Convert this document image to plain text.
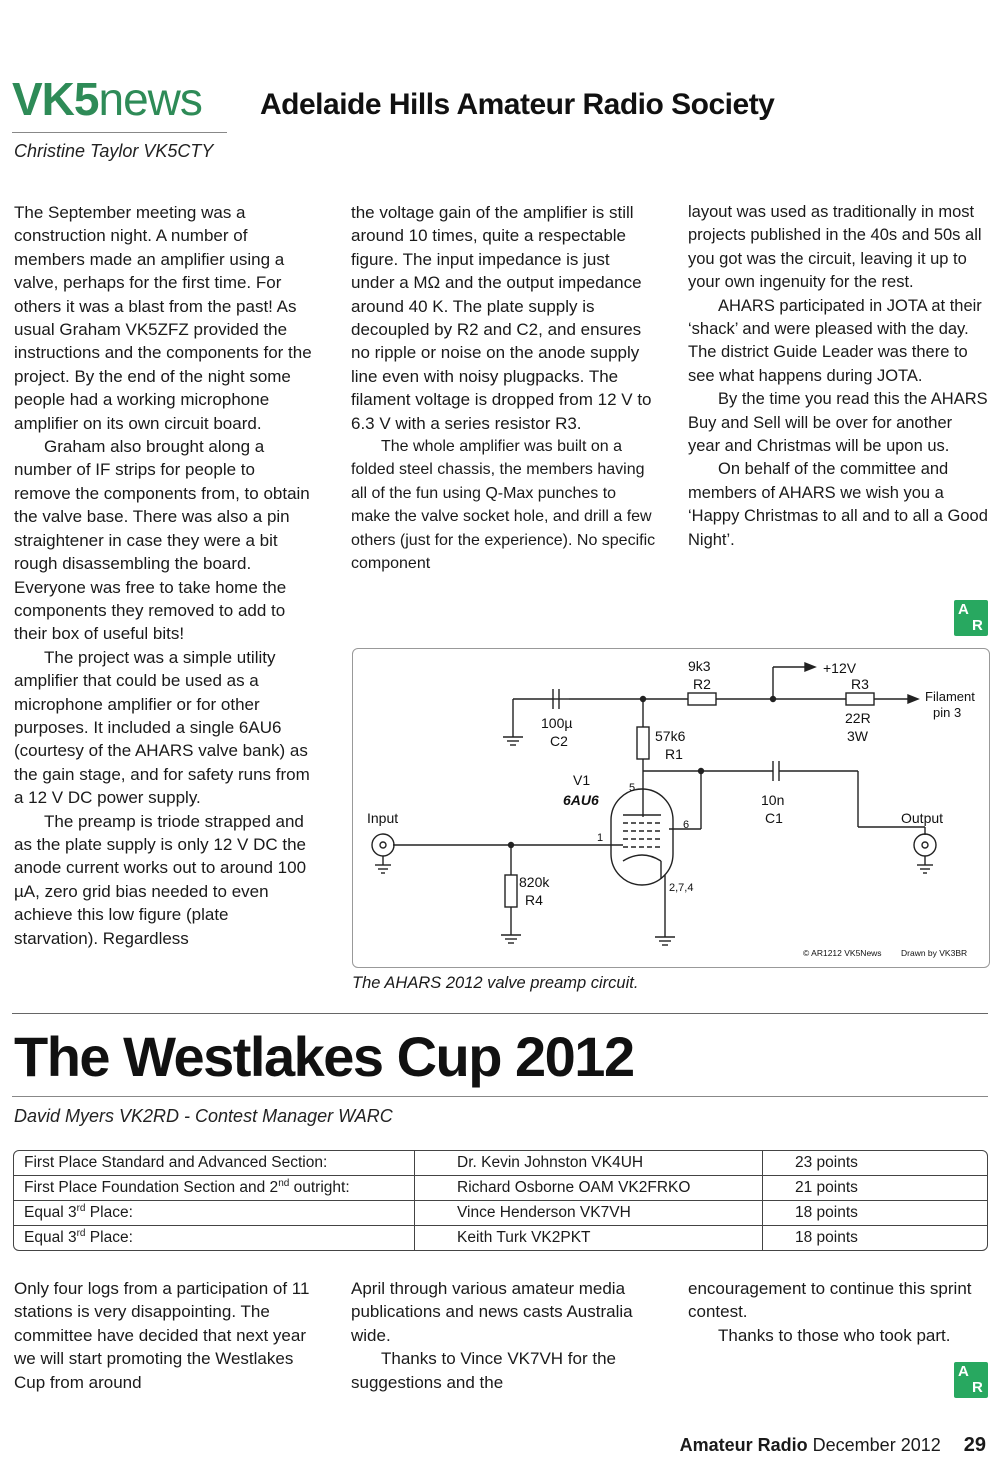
VK5news Adelaide Hills Amateur Radio Society
Christine Taylor VK5CTY

The September meeting was a construction night. A number of members made an amplifier using a valve, perhaps for the first time. For others it was a blast from the past! As usual Graham VK5ZFZ provided the instructions and the components for the project. By the end of the night some people had a working microphone amplifier on its own circuit board.

Graham also brought along a number of IF strips for people to remove the components from, to obtain the valve base. There was also a pin straightener in case they were a bit rough disassembling the board. Everyone was free to take home the components they removed to add to their box of useful bits!

The project was a simple utility amplifier that could be used as a microphone amplifier or for other purposes. It included a single 6AU6 (courtesy of the AHARS valve bank) as the gain stage, and for safety runs from a 12 V DC power supply.

The preamp is triode strapped and as the plate supply is only 12 V DC the anode current works out to around 100 µA, zero grid bias needed to even achieve this low figure (plate starvation). Regardless

the voltage gain of the amplifier is still around 10 times, quite a respectable figure. The input impedance is just under a MΩ and the output impedance around 40 K. The plate supply is decoupled by R2 and C2, and ensures no ripple or noise on the anode supply line even with noisy plugpacks. The filament voltage is dropped from 12 V to 6.3 V with a series resistor R3.

The whole amplifier was built on a folded steel chassis, the members having all of the fun using Q-Max punches to make the valve socket hole, and drill a few others (just for the experience). No specific component

layout was used as traditionally in most projects published in the 40s and 50s all you got was the circuit, leaving it up to your own ingenuity for the rest.

AHARS participated in JOTA at their ‘shack’ and were pleased with the day. The district Guide Leader was there to see what happens during JOTA.

By the time you read this the AHARS Buy and Sell will be over for another year and Christmas will be upon us.

On behalf of the committee and members of AHARS we wish you a ‘Happy Christmas to all and to all a Good Night’.

A
R
9k3
R2
+12V
R3
22R
3W
Filament
pin 3
100µ
C2	57k6
R1
V1
6AU6
5
6
1
2,7,4
10n
C1
Input	Output
820k
R4
© AR1212 VK5News Drawn by VK3BR
The AHARS 2012 valve preamp circuit.
The Westlakes Cup 2012
David Myers VK2RD - Contest Manager WARC
First Place Standard and Advanced Section:	Dr. Kevin Johnston VK4UH	23 points
First Place Foundation Section and 2nd outright:	Richard Osborne OAM VK2FRKO	21 points
Equal 3rd Place:	Vince Henderson VK7VH	18 points
Equal 3rd Place:	Keith Turk VK2PKT	18 points

Only four logs from a participation of 11 stations is very disappointing. The committee have decided that next year we will start promoting the Westlakes Cup from around

April through various amateur media publications and news casts Australia wide.

Thanks to Vince VK7VH for the suggestions and the

encouragement to continue this sprint contest.

Thanks to those who took part.

A
R
Amateur Radio December 2012 29
